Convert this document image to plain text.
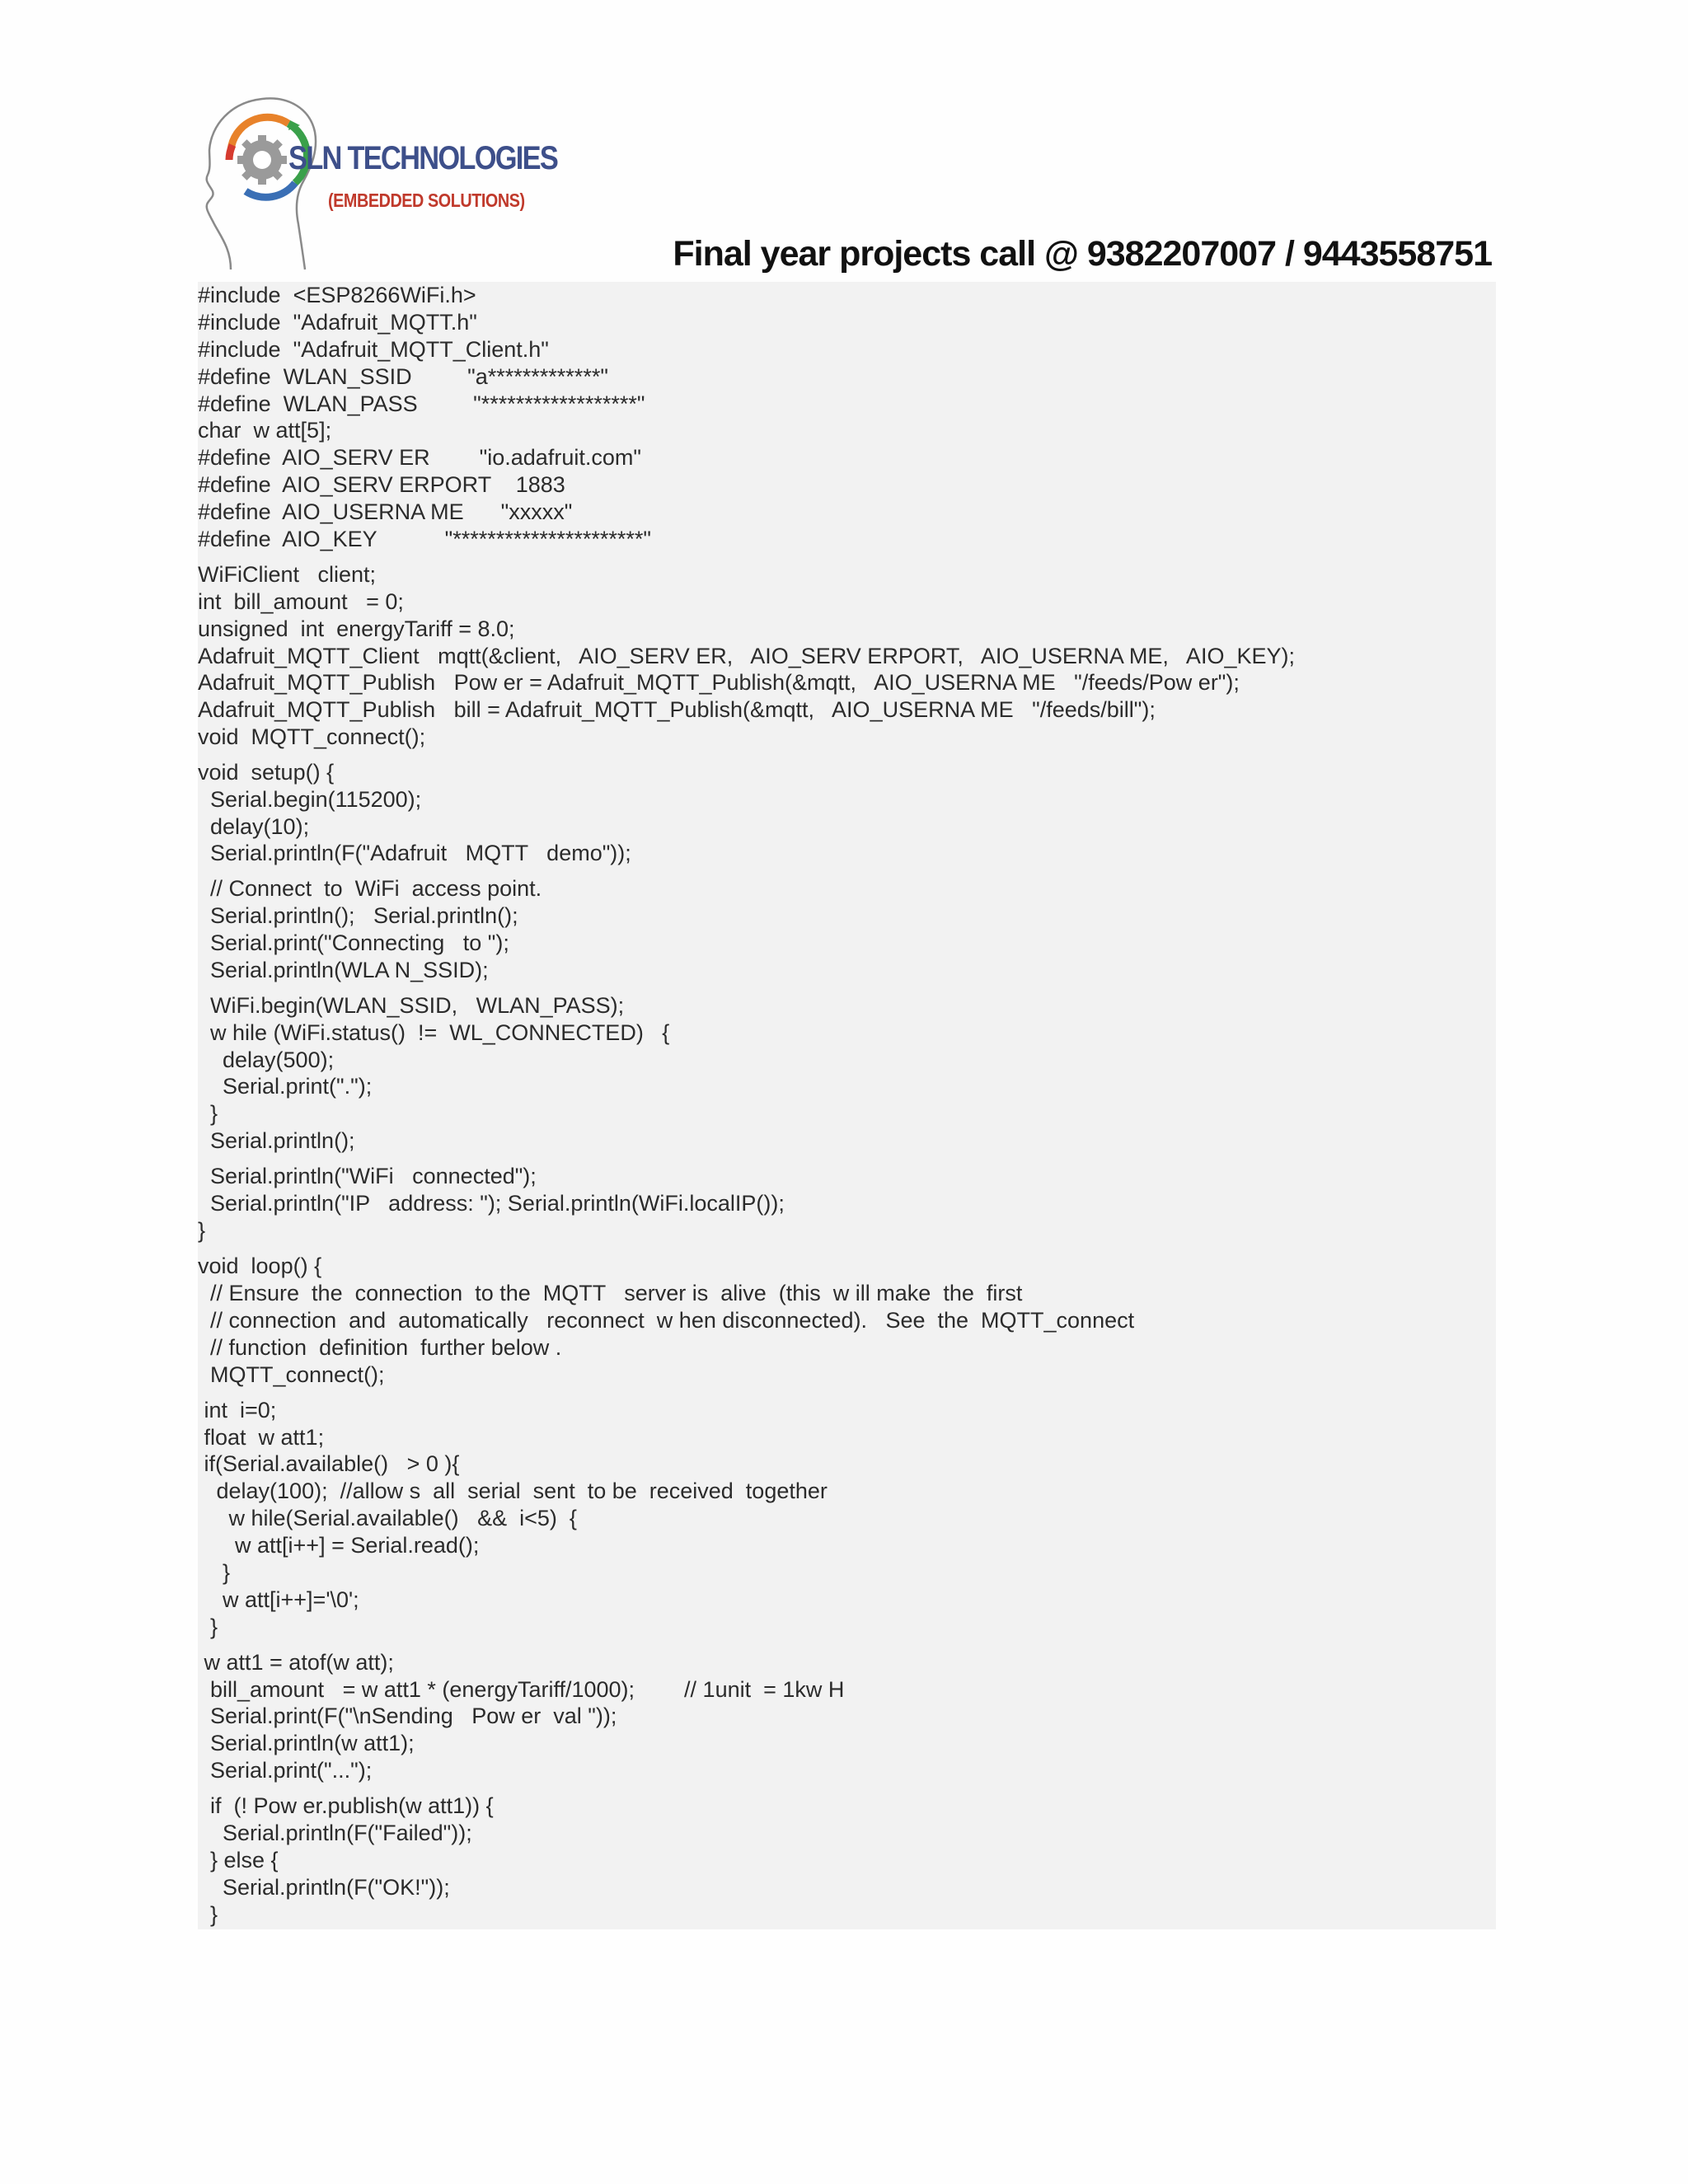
SLN TECHNOLOGIES
(EMBEDDED SOLUTIONS)
Final year projects call @ 9382207007 / 9443558751
#include  <ESP8266WiFi.h>
#include  "Adafruit_MQTT.h"
#include  "Adafruit_MQTT_Client.h"
#define  WLAN_SSID         "a*************"
#define  WLAN_PASS         "******************"
char  w att[5];
#define  AIO_SERV ER        "io.adafruit.com"
#define  AIO_SERV ERPORT    1883
#define  AIO_USERNA ME      "xxxxx"
#define  AIO_KEY           "**********************"
WiFiClient   client;
int  bill_amount   = 0;
unsigned  int  energyTariff = 8.0;
Adafruit_MQTT_Client   mqtt(&client,   AIO_SERV ER,   AIO_SERV ERPORT,   AIO_USERNA ME,   AIO_KEY);
Adafruit_MQTT_Publish   Pow er = Adafruit_MQTT_Publish(&mqtt,   AIO_USERNA ME   "/feeds/Pow er");
Adafruit_MQTT_Publish   bill = Adafruit_MQTT_Publish(&mqtt,   AIO_USERNA ME   "/feeds/bill");
void  MQTT_connect();
void  setup() {
Serial.begin(115200);
delay(10);
Serial.println(F("Adafruit   MQTT   demo"));
// Connect  to  WiFi  access point.
Serial.println();   Serial.println();
Serial.print("Connecting   to ");
Serial.println(WLA N_SSID);
WiFi.begin(WLAN_SSID,   WLAN_PASS);
w hile (WiFi.status()  !=  WL_CONNECTED)   {
delay(500);
Serial.print(".");
}
Serial.println();
Serial.println("WiFi   connected");
Serial.println("IP   address: "); Serial.println(WiFi.localIP());
}
void  loop() {
// Ensure  the  connection  to the  MQTT   server is  alive  (this  w ill make  the  first
// connection  and  automatically   reconnect  w hen disconnected).   See  the  MQTT_connect
// function  definition  further below .
MQTT_connect();
int  i=0;
float  w att1;
if(Serial.available()   > 0 ){
delay(100);  //allow s  all  serial  sent  to be  received  together
w hile(Serial.available()   &&  i<5)  {
w att[i++] = Serial.read();
}
w att[i++]='\0';
}
w att1 = atof(w att);
bill_amount   = w att1 * (energyTariff/1000);        // 1unit  = 1kw H
Serial.print(F("\nSending   Pow er  val "));
Serial.println(w att1);
Serial.print("...");
if  (! Pow er.publish(w att1)) {
Serial.println(F("Failed"));
} else {
Serial.println(F("OK!"));
}
